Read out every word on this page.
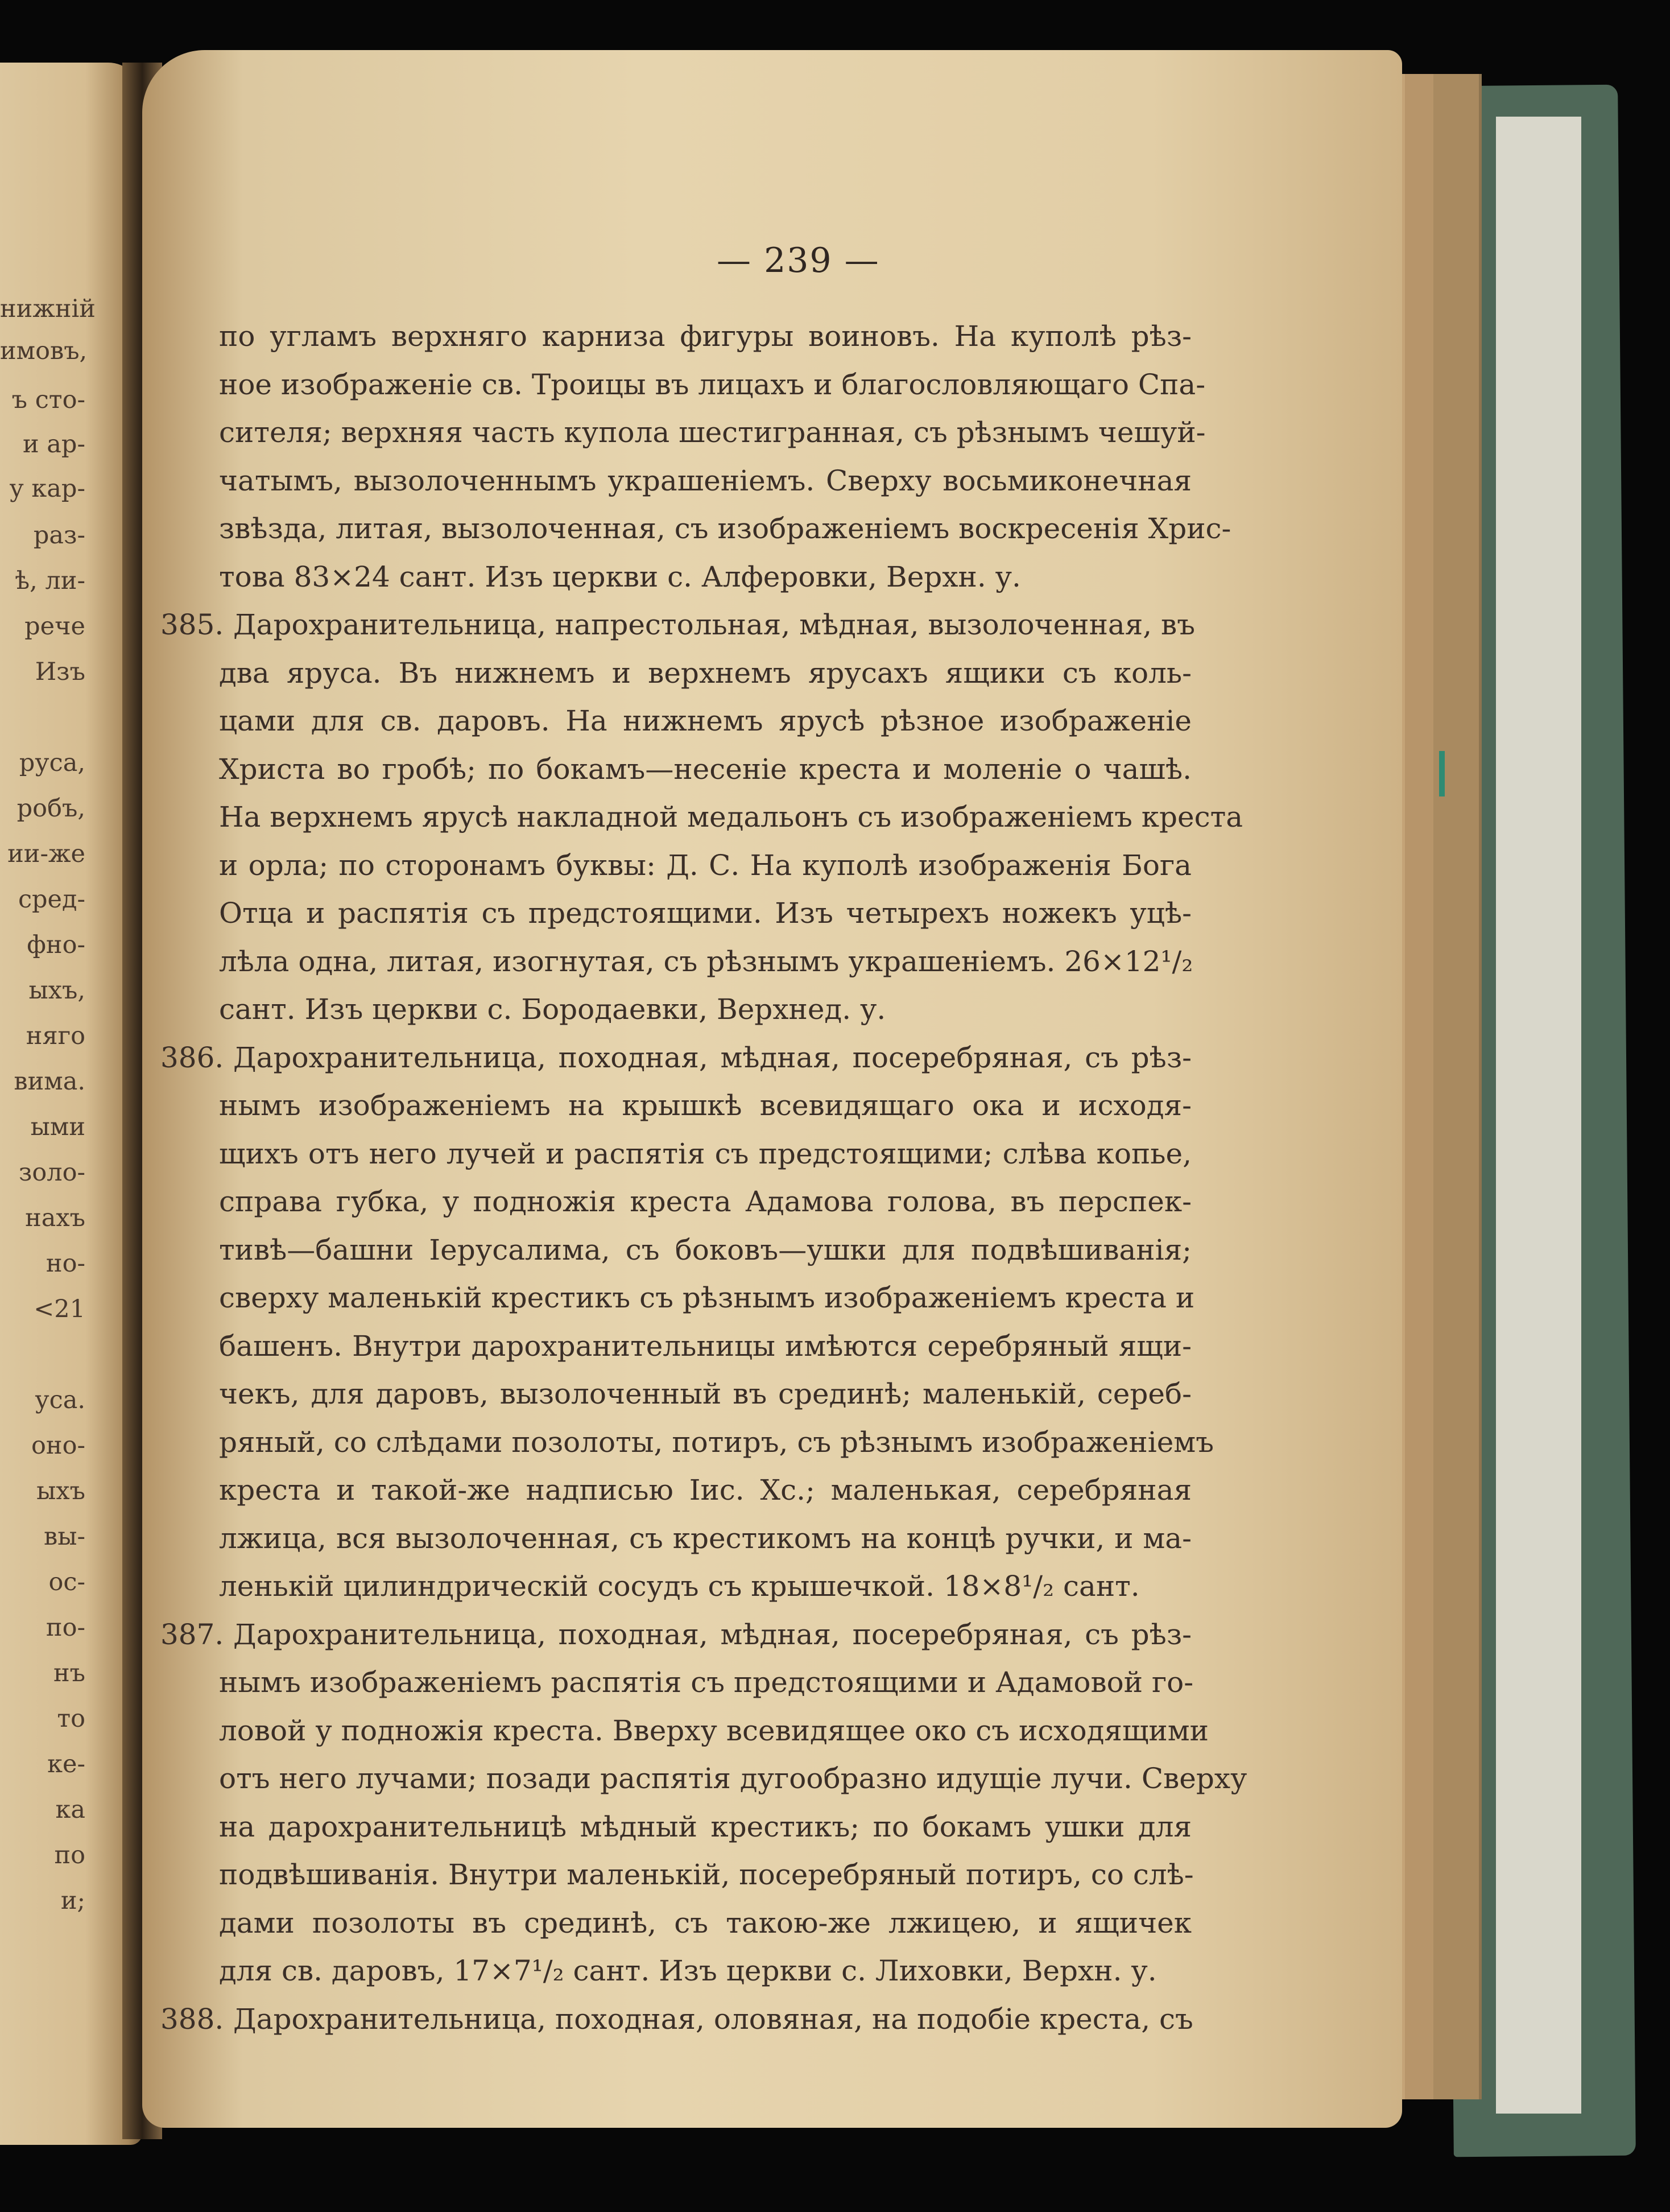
нижній
имовъ,
ъ сто-
и ар-
у кар-
раз-
ѣ, ли-
рече
Изъ
руса,
робъ,
ии-же
сред-
фно-
ыхъ,
няго
вима.
ыми
золо-
нахъ
но-
<21
уса.
оно-
ыхъ
вы-
ос-
по-
нъ
то
ке-
ка
по
и;
— 239 —
по угламъ верхняго карниза фигуры воиновъ. На куполѣ рѣз-
ное изображеніе св. Троицы въ лицахъ и благословляющаго Спа-
сителя; верхняя часть купола шестигранная, съ рѣзнымъ чешуй-
чатымъ, вызолоченнымъ украшеніемъ. Сверху восьмиконечная
звѣзда, литая, вызолоченная, съ изображеніемъ воскресенія Хрис-
това 83×24 сант. Изъ церкви с. Алферовки, Верхн. у.
Дарохранительница, напрестольная, мѣдная, вызолоченная, въ
385.
два яруса. Въ нижнемъ и верхнемъ ярусахъ ящики съ коль-
цами для св. даровъ. На нижнемъ ярусѣ рѣзное изображеніе
Христа во гробѣ; по бокамъ—несеніе креста и моленіе о чашѣ.
На верхнемъ ярусѣ накладной медальонъ съ изображеніемъ креста
и орла; по сторонамъ буквы: Д. С. На куполѣ изображенія Бога
Отца и распятія съ предстоящими. Изъ четырехъ ножекъ уцѣ-
лѣла одна, литая, изогнутая, съ рѣзнымъ украшеніемъ. 26×12¹/₂
сант. Изъ церкви с. Бородаевки, Верхнед. у.
Дарохранительница, походная, мѣдная, посеребряная, съ рѣз-
386.
нымъ изображеніемъ на крышкѣ всевидящаго ока и исходя-
щихъ отъ него лучей и распятія съ предстоящими; слѣва копье,
справа губка, у подножія креста Адамова голова, въ перспек-
тивѣ—башни Іерусалима, съ боковъ—ушки для подвѣшиванія;
сверху маленькій крестикъ съ рѣзнымъ изображеніемъ креста и
башенъ. Внутри дарохранительницы имѣются серебряный ящи-
чекъ, для даровъ, вызолоченный въ срединѣ; маленькій, сереб-
ряный, со слѣдами позолоты, потиръ, съ рѣзнымъ изображеніемъ
креста и такой-же надписью Іис. Хс.; маленькая, серебряная
лжица, вся вызолоченная, съ крестикомъ на концѣ ручки, и ма-
ленькій цилиндрическій сосудъ съ крышечкой. 18×8¹/₂ сант.
Дарохранительница, походная, мѣдная, посеребряная, съ рѣз-
387.
нымъ изображеніемъ распятія съ предстоящими и Адамовой го-
ловой у подножія креста. Вверху всевидящее око съ исходящими
отъ него лучами; позади распятія дугообразно идущіе лучи. Сверху
на дарохранительницѣ мѣдный крестикъ; по бокамъ ушки для
подвѣшиванія. Внутри маленькій, посеребряный потиръ, со слѣ-
дами позолоты въ срединѣ, съ такою-же лжицею, и ящичек
для св. даровъ, 17×7¹/₂ сант. Изъ церкви с. Лиховки, Верхн. у.
Дарохранительница, походная, оловяная, на подобіе креста, съ
388.
